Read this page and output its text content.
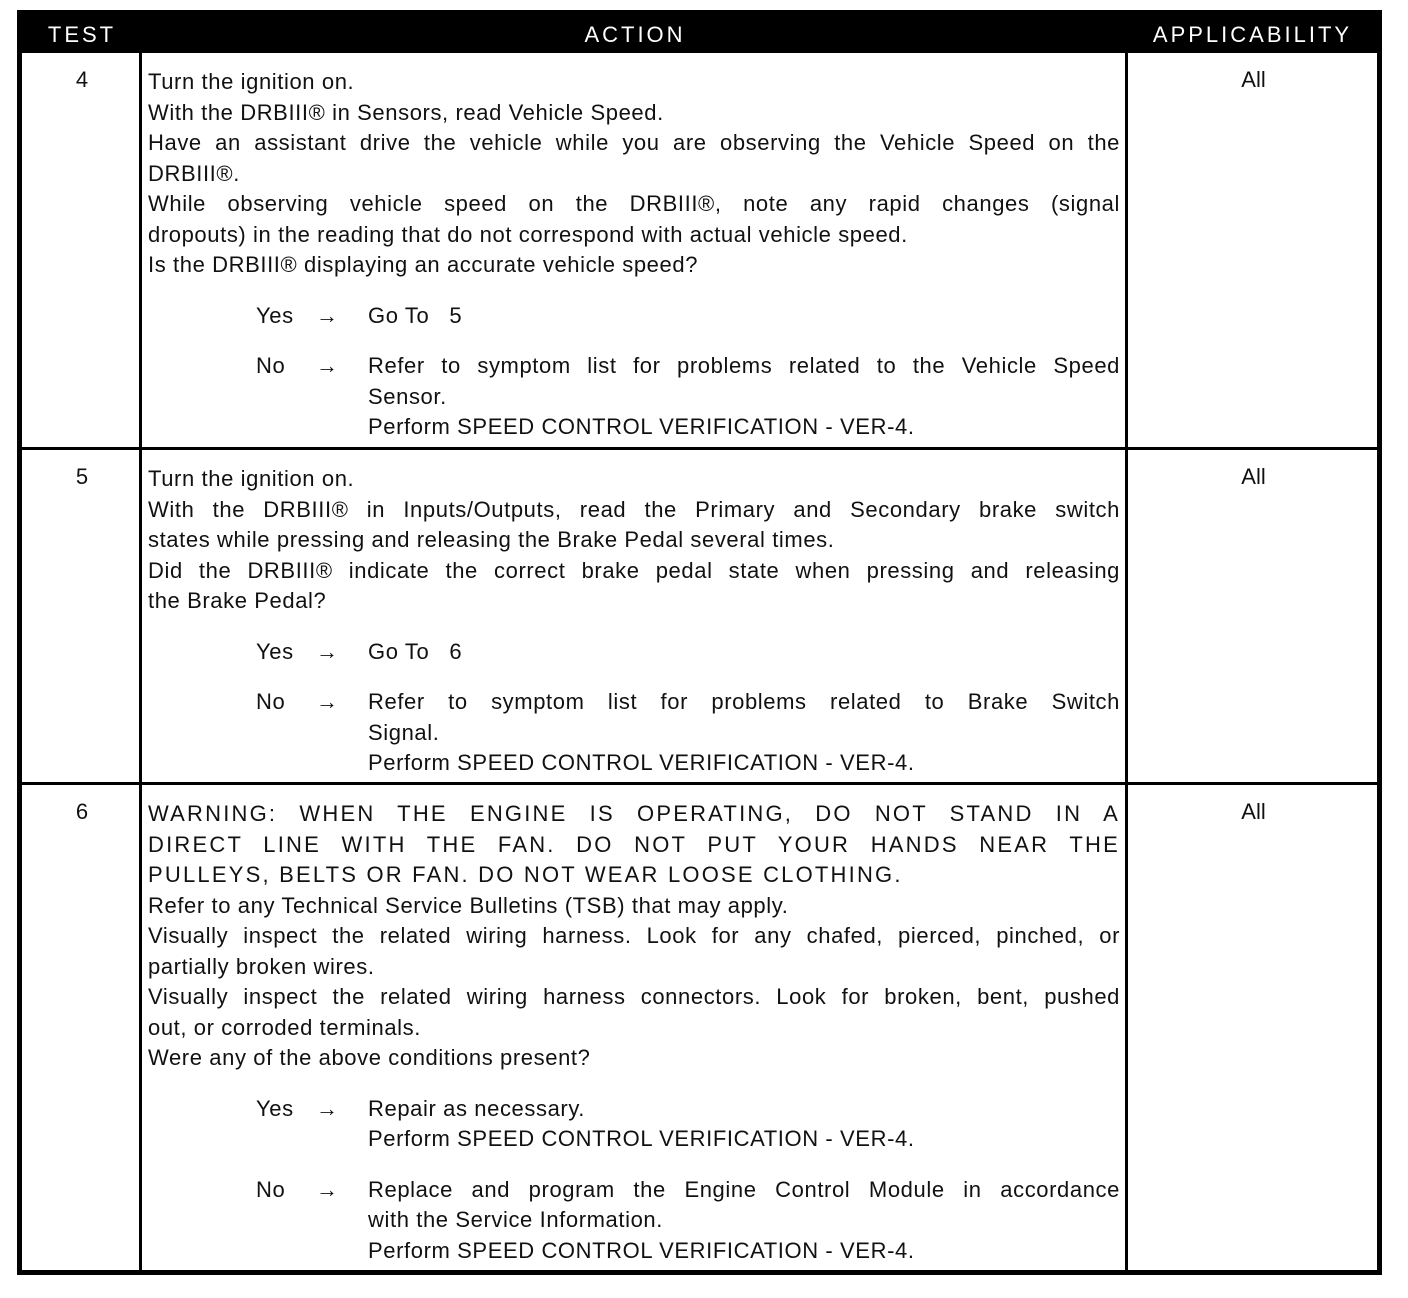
TEST	ACTION	APPLICABILITY
4	Turn the ignition on.
With the DRBIII® in Sensors, read Vehicle Speed.
Have an assistant drive the vehicle while you are observing the Vehicle Speed on the
DRBIII®.
While observing vehicle speed on the DRBIII®, note any rapid changes (signal
dropouts) in the reading that do not correspond with actual vehicle speed.
Is the DRBIII® displaying an accurate vehicle speed?
Yes → Go To   5
No → Refer to symptom list for problems related to the Vehicle Speed
Sensor.
Perform SPEED CONTROL VERIFICATION - VER-4.
All
5	Turn the ignition on.
With the DRBIII® in Inputs/Outputs, read the Primary and Secondary brake switch
states while pressing and releasing the Brake Pedal several times.
Did the DRBIII® indicate the correct brake pedal state when pressing and releasing
the Brake Pedal?
Yes → Go To   6
No → Refer to symptom list for problems related to Brake Switch
Signal.
Perform SPEED CONTROL VERIFICATION - VER-4.
All
6	WARNING: WHEN THE ENGINE IS OPERATING, DO NOT STAND IN A
DIRECT LINE WITH THE FAN. DO NOT PUT YOUR HANDS NEAR THE
PULLEYS, BELTS OR FAN. DO NOT WEAR LOOSE CLOTHING.
Refer to any Technical Service Bulletins (TSB) that may apply.
Visually inspect the related wiring harness. Look for any chafed, pierced, pinched, or
partially broken wires.
Visually inspect the related wiring harness connectors. Look for broken, bent, pushed
out, or corroded terminals.
Were any of the above conditions present?
Yes → Repair as necessary.
Perform SPEED CONTROL VERIFICATION - VER-4.
No → Replace and program the Engine Control Module in accordance
with the Service Information.
Perform SPEED CONTROL VERIFICATION - VER-4.
All
